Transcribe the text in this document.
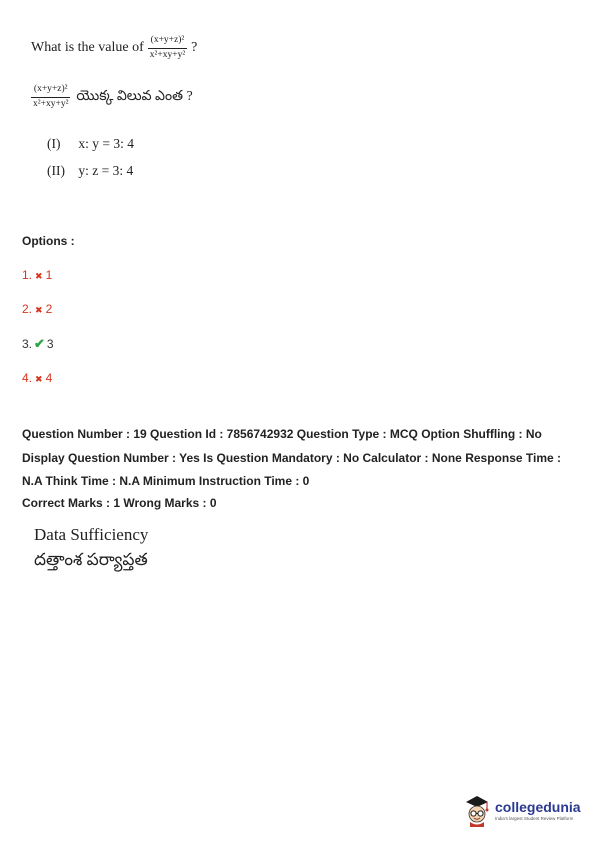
What is the value of $\frac{\text{(x+y+z)²}}{\text{x²+xy+y²}}$ ?
$\frac{\text{(x+y+z)²}}{\text{x²+xy+y²}}$ యొక్క విలువ ఎంత ?
(I) x: y = 3: 4
(II) y: z = 3: 4
Options :
1. ✖ 1
2. ✖ 2
3. ✔ 3
4. ✖ 4
Question Number : 19 Question Id : 7856742932 Question Type : MCQ Option Shuffling : No Display Question Number : Yes Is Question Mandatory : No Calculator : None Response Time : N.A Think Time : N.A Minimum Instruction Time : 0
Correct Marks : 1 Wrong Marks : 0
Data Sufficiency
దత్తాంశ పర్యాప్తత
collegedunia
India's largest Student Review Platform
